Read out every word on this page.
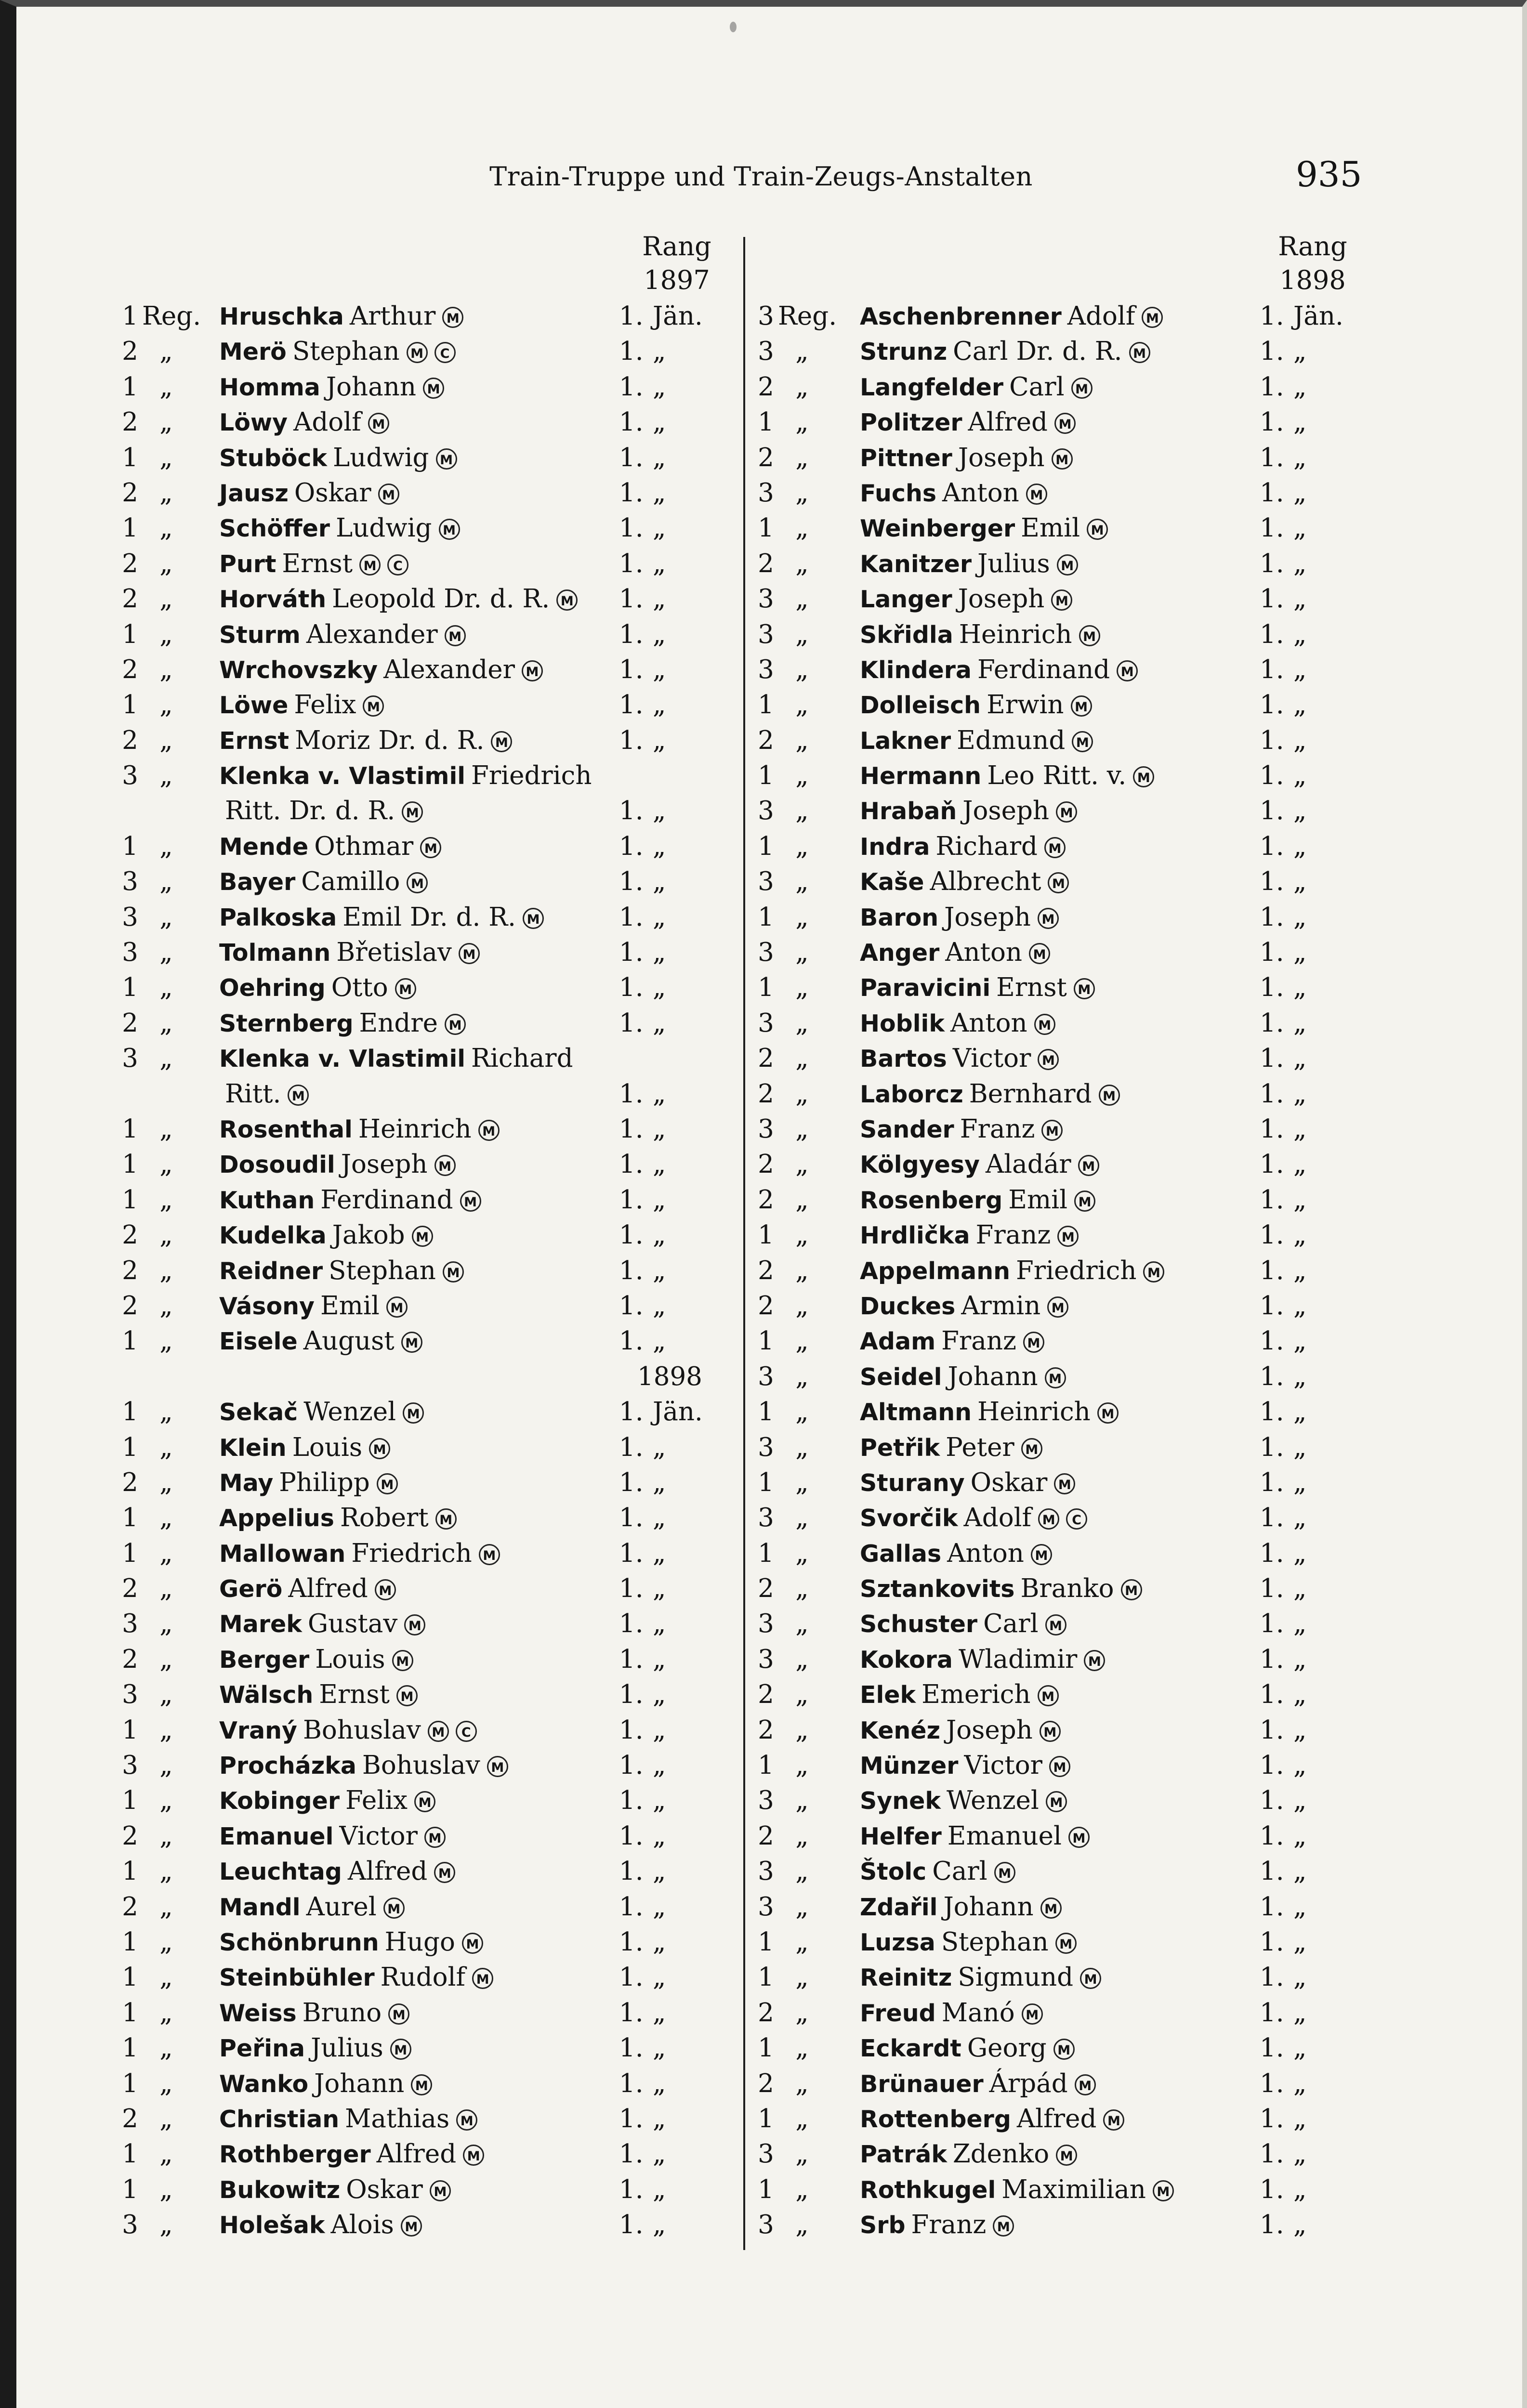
Train-Truppe und Train-Zeugs-Anstalten	935
Rang
1897
1 Reg. Hruschka Arthur M	1. Jän.
2 „	Merö Stephan M C	1. „
1 „	Homma Johann M	1. „
2 „	Löwy Adolf M	1. „
1 „	Stuböck Ludwig M	1. „
2 „	Jausz Oskar M	1. „
1 „	Schöffer Ludwig M	1. „
2 „	Purt Ernst M C	1. „
2 „	Horváth Leopold Dr. d. R. M 1. „
1 „	Sturm Alexander M	1. „
2 „	Wrchovszky Alexander M	1. „
1 „	Löwe Felix M	1. „
2 „	Ernst Moriz Dr. d. R. M	1. „
3 „	Klenka v. Vlastimil Friedrich
Ritt. Dr. d. R. M	1. „
1 „	Mende Othmar M	1. „
3 „	Bayer Camillo M	1. „
3 „	Palkoska Emil Dr. d. R. M	1. „
3 „	Tolmann Břetislav M	1. „
1 „	Oehring Otto M	1. „
2 „	Sternberg Endre M	1. „
3 „	Klenka v. Vlastimil Richard
Ritt. M	1. „
1 „	Rosenthal Heinrich M	1. „
1 „	Dosoudil Joseph M	1. „
1 „	Kuthan Ferdinand M	1. „
2 „	Kudelka Jakob M	1. „
2 „	Reidner Stephan M	1. „
2 „	Vásony Emil M	1. „
1 „	Eisele August M	1. „
1898
1 „	Sekač Wenzel M	1. Jän.
1 „	Klein Louis M	1. „
2 „	May Philipp M	1. „
1 „	Appelius Robert M	1. „
1 „	Mallowan Friedrich M	1. „
2 „	Gerö Alfred M	1. „
3 „	Marek Gustav M	1. „
2 „	Berger Louis M	1. „
3 „	Wälsch Ernst M	1. „
1 „	Vraný Bohuslav M C	1. „
3 „	Procházka Bohuslav M	1. „
1 „	Kobinger Felix M	1. „
2 „	Emanuel Victor M	1. „
1 „	Leuchtag Alfred M	1. „
2 „	Mandl Aurel M	1. „
1 „	Schönbrunn Hugo M	1. „
1 „	Steinbühler Rudolf M	1. „
1 „	Weiss Bruno M	1. „
1 „	Peřina Julius M	1. „
1 „	Wanko Johann M	1. „
2 „	Christian Mathias M	1. „
1 „	Rothberger Alfred M	1. „
1 „	Bukowitz Oskar M	1. „
3 „	Holešak Alois M	1. „
Rang
1898
3 Reg. Aschenbrenner Adolf M	1. Jän.
3 „	Strunz Carl Dr. d. R. M	1. „
2 „	Langfelder Carl M	1. „
1 „	Politzer Alfred M	1. „
2 „	Pittner Joseph M	1. „
3 „	Fuchs Anton M	1. „
1 „	Weinberger Emil M	1. „
2 „	Kanitzer Julius M	1. „
3 „	Langer Joseph M	1. „
3 „	Skřidla Heinrich M	1. „
3 „	Klindera Ferdinand M	1. „
1 „	Dolleisch Erwin M	1. „
2 „	Lakner Edmund M	1. „
1 „	Hermann Leo Ritt. v. M	1. „
3 „	Hrabaň Joseph M	1. „
1 „	Indra Richard M	1. „
3 „	Kaše Albrecht M	1. „
1 „	Baron Joseph M	1. „
3 „	Anger Anton M	1. „
1 „	Paravicini Ernst M	1. „
3 „	Hoblik Anton M	1. „
2 „	Bartos Victor M	1. „
2 „	Laborcz Bernhard M	1. „
3 „	Sander Franz M	1. „
2 „	Kölgyesy Aladár M	1. „
2 „	Rosenberg Emil M	1. „
1 „	Hrdlička Franz M	1. „
2 „	Appelmann Friedrich M	1. „
2 „	Duckes Armin M	1. „
1 „	Adam Franz M	1. „
3 „	Seidel Johann M	1. „
1 „	Altmann Heinrich M	1. „
3 „	Petřik Peter M	1. „
1 „	Sturany Oskar M	1. „
3 „	Svorčik Adolf M C	1. „
1 „	Gallas Anton M	1. „
2 „	Sztankovits Branko M	1. „
3 „	Schuster Carl M	1. „
3 „	Kokora Wladimir M	1. „
2 „	Elek Emerich M	1. „
2 „	Kenéz Joseph M	1. „
1 „	Münzer Victor M	1. „
3 „	Synek Wenzel M	1. „
2 „	Helfer Emanuel M	1. „
3 „	Štolc Carl M	1. „
3 „	Zdařil Johann M	1. „
1 „	Luzsa Stephan M	1. „
1 „	Reinitz Sigmund M	1. „
2 „	Freud Manó M	1. „
1 „	Eckardt Georg M	1. „
2 „	Brünauer Árpád M	1. „
1 „	Rottenberg Alfred M	1. „
3 „	Patrák Zdenko M	1. „
1 „	Rothkugel Maximilian M	1. „
3 „	Srb Franz M	1. „
